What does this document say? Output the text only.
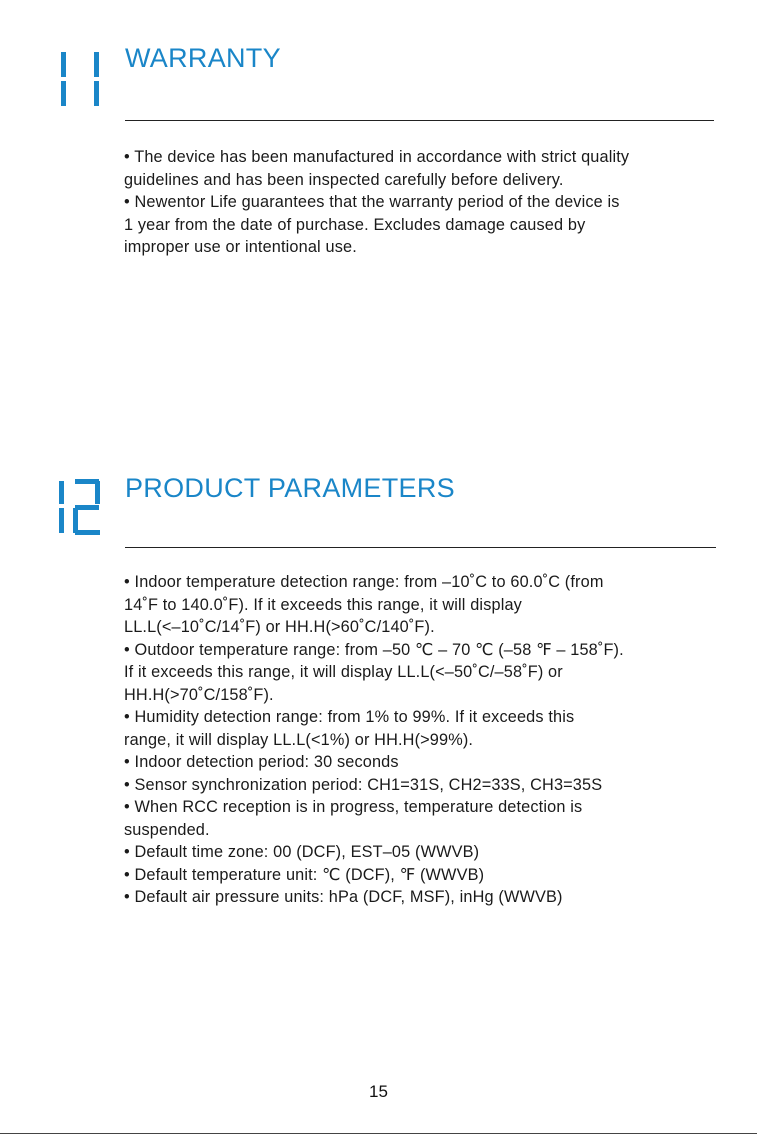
WARRANTY
• The device has been manufactured in accordance with strict quality
guidelines and has been inspected carefully before delivery.
• Newentor Life guarantees that the warranty period of the device is
1 year from the date of purchase. Excludes damage caused by
improper use or intentional use.
PRODUCT PARAMETERS
• Indoor temperature detection range: from –10˚C to 60.0˚C (from
14˚F to 140.0˚F). If it exceeds this range, it will display
LL.L(<–10˚C/14˚F) or HH.H(>60˚C/140˚F).
• Outdoor temperature range: from –50 ℃ – 70 ℃ (–58 ℉ – 158˚F).
If it exceeds this range, it will display LL.L(<–50˚C/–58˚F) or
HH.H(>70˚C/158˚F).
• Humidity detection range: from 1% to 99%. If it exceeds this
range, it will display LL.L(<1%) or HH.H(>99%).
• Indoor detection period: 30 seconds
• Sensor synchronization period: CH1=31S, CH2=33S, CH3=35S
• When RCC reception is in progress, temperature detection is
suspended.
• Default time zone: 00 (DCF), EST–05 (WWVB)
• Default temperature unit: ℃ (DCF), ℉ (WWVB)
• Default air pressure units: hPa (DCF, MSF), inHg (WWVB)
15
